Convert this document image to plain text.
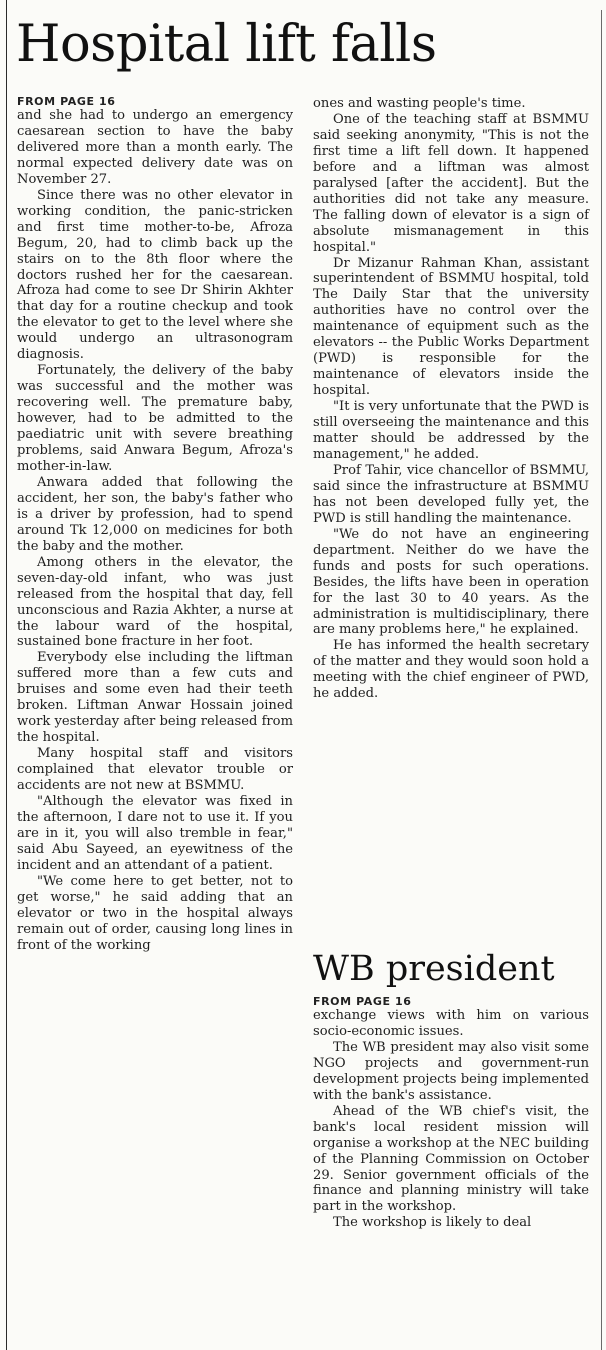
Hospital lift falls
FROM PAGE 16

and she had to undergo an emergency caesarean section to have the baby delivered more than a month early. The normal expected delivery date was on November 27.

Since there was no other elevator in working condition, the panic-stricken and first time mother-to-be, Afroza Begum, 20, had to climb back up the stairs on to the 8th floor where the doctors rushed her for the caesarean. Afroza had come to see Dr Shirin Akhter that day for a routine checkup and took the elevator to get to the level where she would undergo an ultrasonogram diagnosis.

Fortunately, the delivery of the baby was successful and the mother was recovering well. The premature baby, however, had to be admitted to the paediatric unit with severe breathing problems, said Anwara Begum, Afroza's mother-in-law.

Anwara added that following the accident, her son, the baby's father who is a driver by profession, had to spend around Tk 12,000 on medicines for both the baby and the mother.

Among others in the elevator, the seven-day-old infant, who was just released from the hospital that day, fell unconscious and Razia Akhter, a nurse at the labour ward of the hospital, sustained bone fracture in her foot.

Everybody else including the liftman suffered more than a few cuts and bruises and some even had their teeth broken. Liftman Anwar Hossain joined work yesterday after being released from the hospital.

Many hospital staff and visitors complained that elevator trouble or accidents are not new at BSMMU.

"Although the elevator was fixed in the afternoon, I dare not to use it. If you are in it, you will also tremble in fear," said Abu Sayeed, an eyewitness of the incident and an attendant of a patient.

"We come here to get better, not to get worse," he said adding that an elevator or two in the hospital always remain out of order, causing long lines in front of the working

ones and wasting people's time.

One of the teaching staff at BSMMU said seeking anonymity, "This is not the first time a lift fell down. It happened before and a liftman was almost paralysed [after the accident]. But the authorities did not take any measure. The falling down of elevator is a sign of absolute mismanagement in this hospital."

Dr Mizanur Rahman Khan, assistant superintendent of BSMMU hospital, told The Daily Star that the university authorities have no control over the maintenance of equipment such as the elevators -- the Public Works Department (PWD) is responsible for the maintenance of elevators inside the hospital.

"It is very unfortunate that the PWD is still overseeing the maintenance and this matter should be addressed by the management," he added.

Prof Tahir, vice chancellor of BSMMU, said since the infrastructure at BSMMU has not been developed fully yet, the PWD is still handling the maintenance.

"We do not have an engineering department. Neither do we have the funds and posts for such operations. Besides, the lifts have been in operation for the last 30 to 40 years. As the administration is multidisciplinary, there are many problems here," he explained.

He has informed the health secretary of the matter and they would soon hold a meeting with the chief engineer of PWD, he added.

WB president
FROM PAGE 16

exchange views with him on various socio-economic issues.

The WB president may also visit some NGO projects and government-run development projects being implemented with the bank's assistance.

Ahead of the WB chief's visit, the bank's local resident mission will organise a workshop at the NEC building of the Planning Commission on October 29. Senior government officials of the finance and planning ministry will take part in the workshop.

The workshop is likely to deal
